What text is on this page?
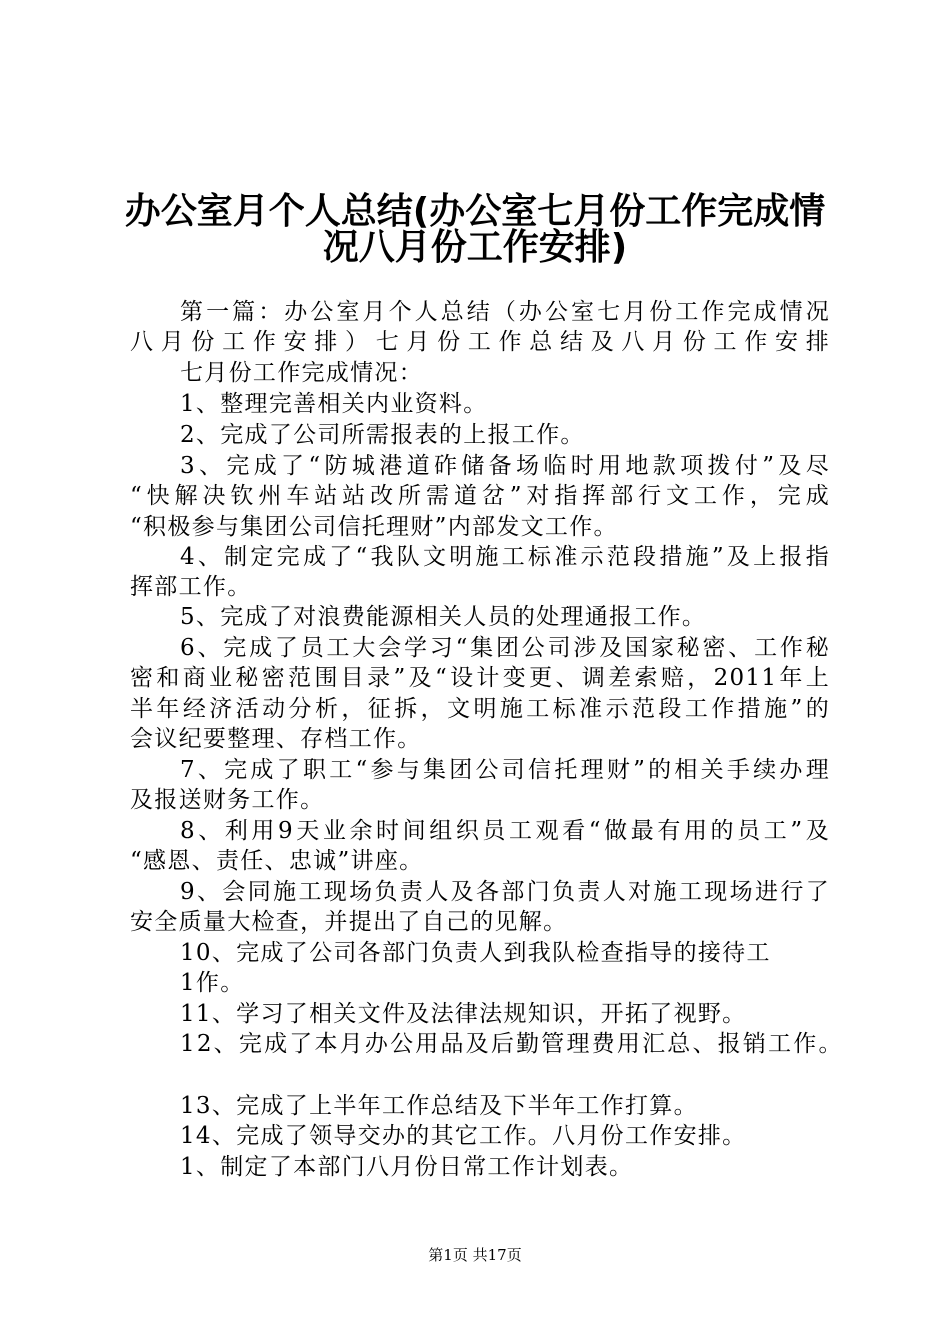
办公室月个人总结(办公室七月份工作完成情
况八月份工作安排)
第一篇：办公室月个人总结（办公室七月份工作完成情况
八月份工作安排）七月份工作总结及八月份工作安排
七月份工作完成情况：
1、整理完善相关内业资料。
2、完成了公司所需报表的上报工作。
3、完成了“防城港道砟储备场临时用地款项拨付”及尽
“快解决钦州车站站改所需道岔”对指挥部行文工作，完成
“积极参与集团公司信托理财”内部发文工作。
4、制定完成了“我队文明施工标准示范段措施”及上报指
挥部工作。
5、完成了对浪费能源相关人员的处理通报工作。
6、完成了员工大会学习“集团公司涉及国家秘密、工作秘
密和商业秘密范围目录”及“设计变更、调差索赔，2011年上
半年经济活动分析，征拆，文明施工标准示范段工作措施”的
会议纪要整理、存档工作。
7、完成了职工“参与集团公司信托理财”的相关手续办理
及报送财务工作。
8、利用9天业余时间组织员工观看“做最有用的员工”及
“感恩、责任、忠诚”讲座。
9、会同施工现场负责人及各部门负责人对施工现场进行了
安全质量大检查，并提出了自己的见解。
10、完成了公司各部门负责人到我队检查指导的接待工
1作。
11、学习了相关文件及法律法规知识，开拓了视野。
12、完成了本月办公用品及后勤管理费用汇总、报销工作。
13、完成了上半年工作总结及下半年工作打算。
14、完成了领导交办的其它工作。八月份工作安排。
1、制定了本部门八月份日常工作计划表。
第1页 共17页
